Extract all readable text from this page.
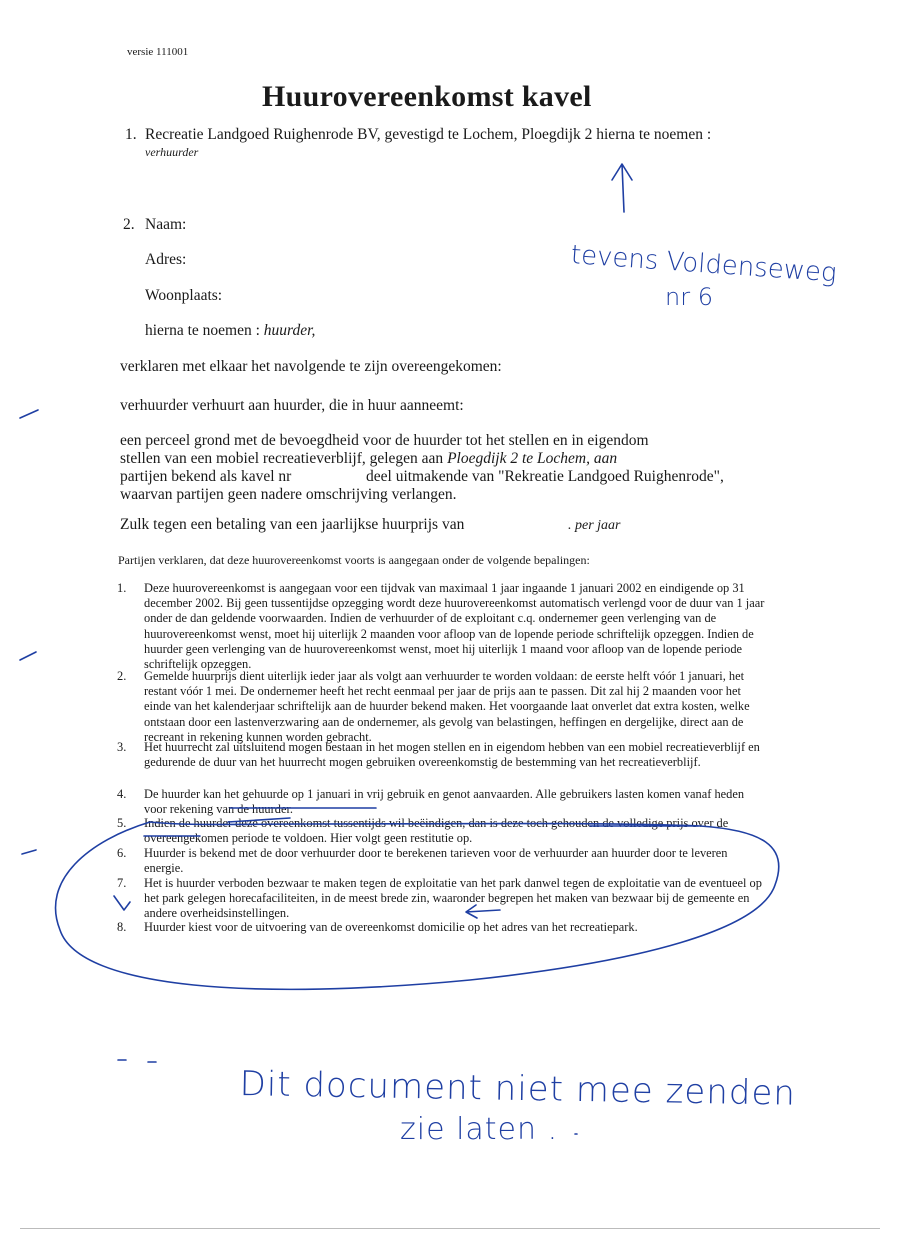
versie 111001
Huurovereenkomst kavel
1. Recreatie Landgoed Ruighenrode BV, gevestigd te Lochem, Ploegdijk 2 hierna te noemen :
verhuurder
2. Naam:
Adres:
Woonplaats:
hierna te noemen : huurder,
verklaren met elkaar het navolgende te zijn overeengekomen:
verhuurder verhuurt aan huurder, die in huur aanneemt:
een perceel grond met de bevoegdheid voor de huurder tot het stellen en in eigendom
stellen van een mobiel recreatieverblijf, gelegen aan Ploegdijk 2 te Lochem, aan
partijen bekend als kavel nr	deel uitmakende van "Rekreatie Landgoed Ruighenrode",
waarvan partijen geen nadere omschrijving verlangen.
Zulk tegen een betaling van een jaarlijkse huurprijs van	. per jaar
Partijen verklaren, dat deze huurovereenkomst voorts is aangegaan onder de volgende bepalingen:
1. Deze huurovereenkomst is aangegaan voor een tijdvak van maximaal 1 jaar ingaande 1 januari 2002 en eindigende op 31 december 2002. Bij geen tussentijdse opzegging wordt deze huurovereenkomst automatisch verlengd voor de duur van 1 jaar onder de dan geldende voorwaarden. Indien de verhuurder of de exploitant c.q. ondernemer geen verlenging van de huurovereenkomst wenst, moet hij uiterlijk 2 maanden voor afloop van de lopende periode schriftelijk opzeggen. Indien de huurder geen verlenging van de huurovereenkomst wenst, moet hij uiterlijk 1 maand voor afloop van de lopende periode schriftelijk opzeggen.
2. Gemelde huurprijs dient uiterlijk ieder jaar als volgt aan verhuurder te worden voldaan: de eerste helft vóór 1 januari, het restant vóór 1 mei. De ondernemer heeft het recht eenmaal per jaar de prijs aan te passen. Dit zal hij 2 maanden voor het einde van het kalenderjaar schriftelijk aan de huurder bekend maken. Het voorgaande laat onverlet dat extra kosten, welke ontstaan door een lastenverzwaring aan de ondernemer, als gevolg van belastingen, heffingen en dergelijke, direct aan de recreant in rekening kunnen worden gebracht.
3. Het huurrecht zal uitsluitend mogen bestaan in het mogen stellen en in eigendom hebben van een mobiel recreatieverblijf en gedurende de duur van het huurrecht mogen gebruiken overeenkomstig de bestemming van het recreatieverblijf.
4. De huurder kan het gehuurde op 1 januari in vrij gebruik en genot aanvaarden. Alle gebruikers lasten komen vanaf heden voor rekening van de huurder.
5. Indien de huurder deze overeenkomst tussentijds wil beëindigen, dan is deze toch gehouden de volledige prijs over de overeengekomen periode te voldoen. Hier volgt geen restitutie op.
6. Huurder is bekend met de door verhuurder door te berekenen tarieven voor de verhuurder aan huurder door te leveren energie.
7. Het is huurder verboden bezwaar te maken tegen de exploitatie van het park danwel tegen de exploitatie van de eventueel op het park gelegen horecafaciliteiten, in de meest brede zin, waaronder begrepen het maken van bezwaar bij de gemeente en andere overheidsinstellingen.
8. Huurder kiest voor de uitvoering van de overeenkomst domicilie op het adres van het recreatiepark.
tevens Voldenseweg
nr 6
Dit document niet mee zenden
zie laten .
